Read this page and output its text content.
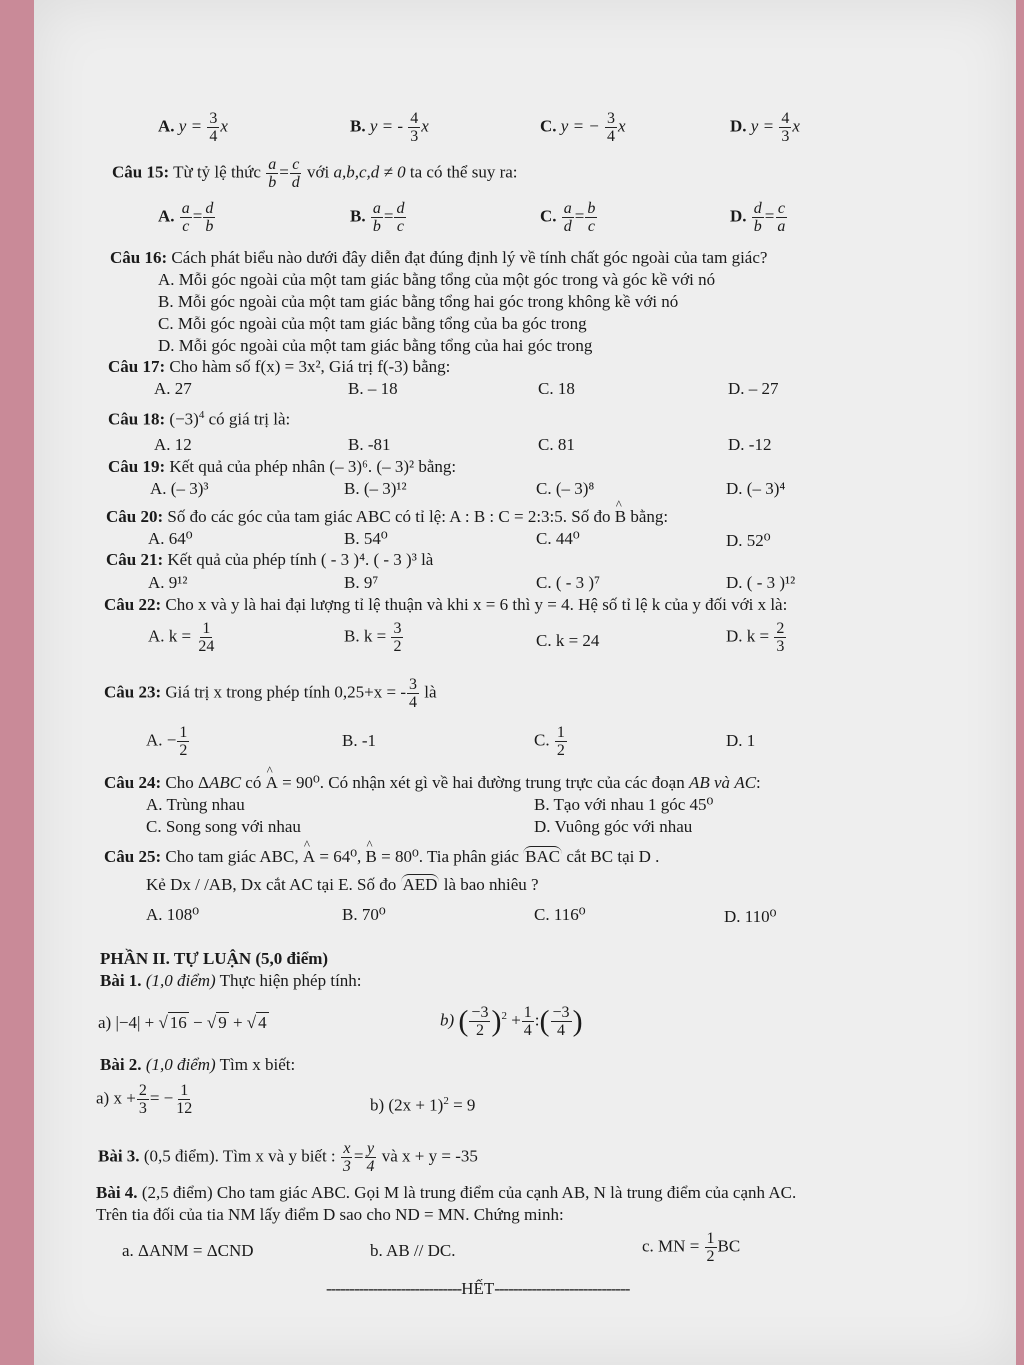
A. $y = \frac{3}{4}$ x	B. y = - $\frac{4}{3}$ x	C. y = − $\frac{3}{4}$ x	D. $y = \frac{4}{3}$ x
Câu 15: Từ tỷ lệ thức $\frac{a}{b} = \frac{c}{d}$ với a,b,c,d ≠ 0 ta có thể suy ra:
A. $\frac{a}{c} = \frac{d}{b}$	B. $\frac{a}{b} = \frac{d}{c}$	C. $\frac{a}{d} = \frac{b}{c}$	D. $\frac{d}{b} = \frac{c}{a}$
Câu 16: Cách phát biểu nào dưới đây diễn đạt đúng định lý về tính chất góc ngoài của tam giác?
A. Mỗi góc ngoài của một tam giác bằng tổng của một góc trong và góc kề với nó
B. Mỗi góc ngoài của một tam giác bằng tổng hai góc trong không kề với nó
C. Mỗi góc ngoài của một tam giác bằng tổng của ba góc trong
D. Mỗi góc ngoài của một tam giác bằng tổng của hai góc trong
Câu 17: Cho hàm số f(x) = 3x², Giá trị f(-3) bằng:
A. 27	B. – 18	C. 18	D. – 27
Câu 18: $(-3)^4$ có giá trị là:
A. 12	B. -81	C. 81	D. -12
Câu 19: Kết quả của phép nhân (– 3)⁶. (– 3)² bằng:
A. (– 3)³	B. (– 3)¹²	C. (– 3)⁸	D. (– 3)⁴
Câu 20: Số đo các góc của tam giác ABC có tỉ lệ: A : B : C = 2:3:5. Số đo ^ B bằng:
A. 64⁰	B. 54⁰	C. 44⁰	D. 52⁰
Câu 21: Kết quả của phép tính ( - 3 )⁴. ( - 3 )³ là
A. 9¹²	B. 9⁷	C. ( - 3 )⁷	D. ( - 3 )¹²
Câu 22: Cho x và y là hai đại lượng tỉ lệ thuận và khi x = 6 thì y = 4. Hệ số tỉ lệ k của y đối với x là:
A. $k = \frac{1}{24}$	B. $k = \frac{3}{2}$	C. k = 24	D. $k = \frac{2}{3}$
Câu 23: Giá trị x trong phép tính 0,25+x = - $\frac{3}{4}$ là
A. − $\frac{1}{2}$	B. -1	C. $\frac{1}{2}$	D. 1
Câu 24: Cho ΔABC có ^ A = 90⁰. Có nhận xét gì về hai đường trung trực của các đoạn AB và AC:
A. Trùng nhau	B. Tạo với nhau 1 góc 45⁰
C. Song song với nhau	D. Vuông góc với nhau
Câu 25: Cho tam giác ABC, ^ A = 64⁰, ^ B = 80⁰. Tia phân giác BAC cắt BC tại D .
Kẻ Dx / /AB, Dx cắt AC tại E. Số đo AED là bao nhiêu ?
A. 108⁰	B. 70⁰	C. 116⁰	D. 110⁰
PHẦN II. TỰ LUẬN (5,0 điểm)
Bài 1. (1,0 điểm) Thực hiện phép tính:
a) |−4| + √ 16 − √ 9 + √ 4	b) ( $\frac{-3}{2} )^2 + \frac{1}{4}$ :( $\frac{-3}{4}$ )
Bài 2. (1,0 điểm) Tìm x biết:
a) $x + \frac{2}{3}$ = − $\frac{1}{12}$	b) $(2x + 1)^2 = 9$
Bài 3. (0,5 điểm). Tìm x và y biết : $\frac{x}{3} = \frac{y}{4}$ và x + y = -35
Bài 4. (2,5 điểm) Cho tam giác ABC. Gọi M là trung điểm của cạnh AB, N là trung điểm của cạnh AC.
Trên tia đối của tia NM lấy điểm D sao cho ND = MN. Chứng minh:
a. ΔANM = ΔCND	b. AB // DC.	c. MN = $\frac{1}{2}$ BC
-----------------------------HẾT-----------------------------
